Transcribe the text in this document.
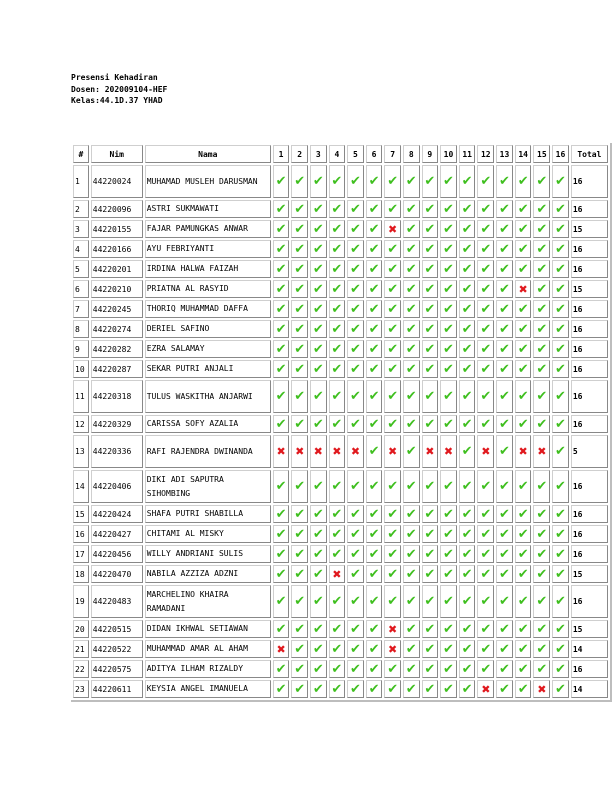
Presensi Kehadiran
Dosen: 202009104-HEF
Kelas:44.1D.37 YHAD
#	Nim	Nama	1	2	3	4	5	6	7	8	9	10	11	12	13	14	15	16	Total
1	44220024	MUHAMAD MUSLEH DARUSMAN	✔	✔	✔	✔	✔	✔	✔	✔	✔	✔	✔	✔	✔	✔	✔	✔	16
2	44220096	ASTRI SUKMAWATI	✔	✔	✔	✔	✔	✔	✔	✔	✔	✔	✔	✔	✔	✔	✔	✔	16
3	44220155	FAJAR PAMUNGKAS ANWAR	✔	✔	✔	✔	✔	✔	✖	✔	✔	✔	✔	✔	✔	✔	✔	✔	15
4	44220166	AYU FEBRIYANTI	✔	✔	✔	✔	✔	✔	✔	✔	✔	✔	✔	✔	✔	✔	✔	✔	16
5	44220201	IRDINA HALWA FAIZAH	✔	✔	✔	✔	✔	✔	✔	✔	✔	✔	✔	✔	✔	✔	✔	✔	16
6	44220210	PRIATNA AL RASYID	✔	✔	✔	✔	✔	✔	✔	✔	✔	✔	✔	✔	✔	✖	✔	✔	15
7	44220245	THORIQ MUHAMMAD DAFFA	✔	✔	✔	✔	✔	✔	✔	✔	✔	✔	✔	✔	✔	✔	✔	✔	16
8	44220274	DERIEL SAFINO	✔	✔	✔	✔	✔	✔	✔	✔	✔	✔	✔	✔	✔	✔	✔	✔	16
9	44220282	EZRA SALAMAY	✔	✔	✔	✔	✔	✔	✔	✔	✔	✔	✔	✔	✔	✔	✔	✔	16
10	44220287	SEKAR PUTRI ANJALI	✔	✔	✔	✔	✔	✔	✔	✔	✔	✔	✔	✔	✔	✔	✔	✔	16
11	44220318	TULUS WASKITHA ANJARWI	✔	✔	✔	✔	✔	✔	✔	✔	✔	✔	✔	✔	✔	✔	✔	✔	16
12	44220329	CARISSA SOFY AZALIA	✔	✔	✔	✔	✔	✔	✔	✔	✔	✔	✔	✔	✔	✔	✔	✔	16
13	44220336	RAFI RAJENDRA DWINANDA	✖	✖	✖	✖	✖	✔	✖	✔	✖	✖	✔	✖	✔	✖	✖	✔	5
14	44220406	DIKI ADI SAPUTRA SIHOMBING	✔	✔	✔	✔	✔	✔	✔	✔	✔	✔	✔	✔	✔	✔	✔	✔	16
15	44220424	SHAFA PUTRI SHABILLA	✔	✔	✔	✔	✔	✔	✔	✔	✔	✔	✔	✔	✔	✔	✔	✔	16
16	44220427	CHITAMI AL MISKY	✔	✔	✔	✔	✔	✔	✔	✔	✔	✔	✔	✔	✔	✔	✔	✔	16
17	44220456	WILLY ANDRIANI SULIS	✔	✔	✔	✔	✔	✔	✔	✔	✔	✔	✔	✔	✔	✔	✔	✔	16
18	44220470	NABILA AZZIZA ADZNI	✔	✔	✔	✖	✔	✔	✔	✔	✔	✔	✔	✔	✔	✔	✔	✔	15
19	44220483	MARCHELINO KHAIRA RAMADANI	✔	✔	✔	✔	✔	✔	✔	✔	✔	✔	✔	✔	✔	✔	✔	✔	16
20	44220515	DIDAN IKHWAL SETIAWAN	✔	✔	✔	✔	✔	✔	✖	✔	✔	✔	✔	✔	✔	✔	✔	✔	15
21	44220522	MUHAMMAD AMAR AL AHAM	✖	✔	✔	✔	✔	✔	✖	✔	✔	✔	✔	✔	✔	✔	✔	✔	14
22	44220575	ADITYA ILHAM RIZALDY	✔	✔	✔	✔	✔	✔	✔	✔	✔	✔	✔	✔	✔	✔	✔	✔	16
23	44220611	KEYSIA ANGEL IMANUELA	✔	✔	✔	✔	✔	✔	✔	✔	✔	✔	✔	✖	✔	✔	✖	✔	14
